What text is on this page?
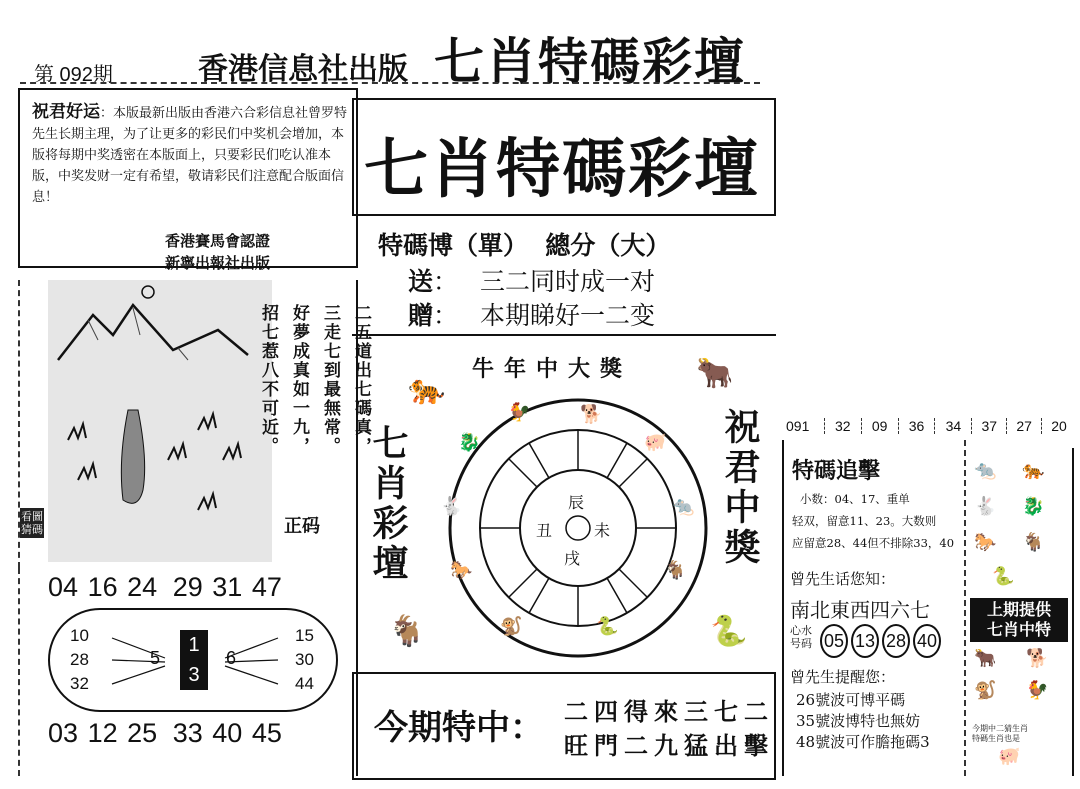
第 092期	香港信息社出版 七肖特碼彩壇
祝君好运：本版最新出版由香港六合彩信息社曾罗特先生长期主理，为了让更多的彩民们中奖机会增加，本版将每期中奖透密在本版面上，只要彩民们吃认准本版，中奖发财一定有希望，敬请彩民们注意配合版面信息！
香港賽馬會認證
新寧出報社出版
看圖猜碼
二五道出七碼真，
三走七到最無常。
好夢成真如一九，
招七惹八不可近。
正码
04 16 24 29 31 47
10
28
32
5
1
3
6
15
30
44
03 12 25 33 40 45
七肖特碼彩壇
特碼博（單）  總分（大）
送： 三二同时成一对
贈： 本期睇好一二变
牛年中大獎
七肖彩壇	祝君中獎
辰
丑	未
戌
🐅	🐂
🐓	🐕
🐉	🐖
🐇	🐀
🐎	🐐
🐒	🐍
🐐	🐍
今期特中： 二四得來三七二
旺門二九猛出擊
091	32	09	36	34	37	27	20
特碼追擊
小数：04、17、重单
轻双，留意11、23。大数则
应留意28、44但不排除33，40
曾先生话您知：
南北東西四六七
心水
号码 05 13 28 40
曾先生提醒您：
26號波可博平碼
35號波博特也無妨
48號波可作膽拖碼3
🐀 🐅
🐇 🐉
🐎 🐐
🐍
上期提供
七肖中特
🐂 🐕
🐒 🐓
今期中二猜生肖
特碼生肖也是
🐖
